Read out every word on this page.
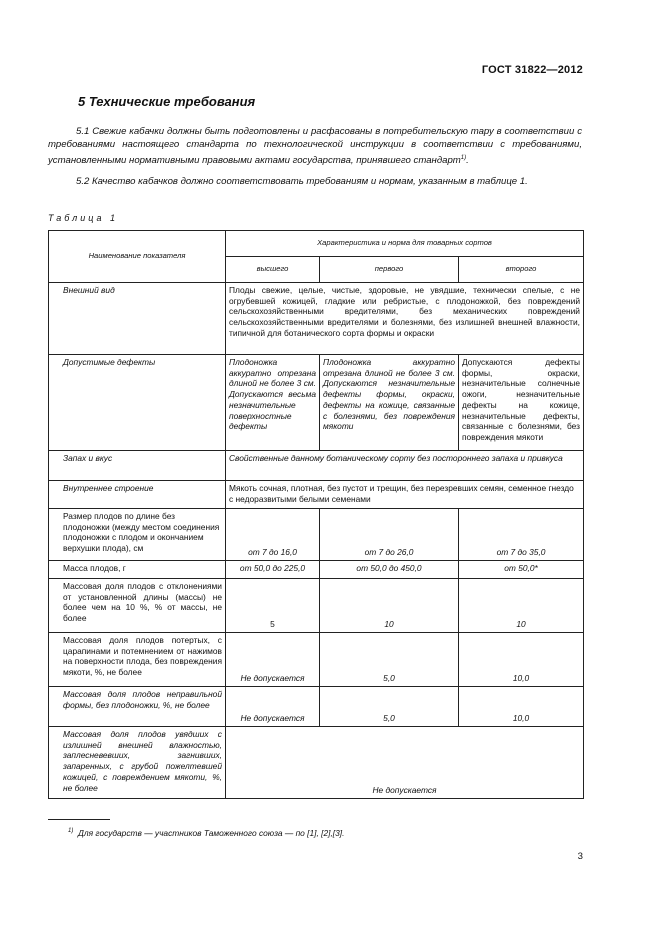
ГОСТ 31822—2012
5 Технические требования
5.1 Свежие кабачки должны быть подготовлены и расфасованы в потребительскую тару в соответствии с требованиями настоящего стандарта по технологической инструкции в соответствии с требованиями, установленными нормативными правовыми актами государства, принявшего стандарт$^{1)}$.
5.2 Качество кабачков должно соответствовать требованиям и нормам, указанным в таблице 1.
Таблица 1
Наименование показателя	Характеристика и норма для товарных сортов		
	высшего	первого	второго
Внешний вид	Плоды свежие, целые, чистые, здоровые, не увядшие, технически спелые, с не огрубевшей кожицей, гладкие или ребристые, с плодоножкой, без повреждений сельскохозяйственными вредителями, без механических повреждений сельскохозяйственными вредителями и болезнями, без излишней внешней влажности, типичной для ботанического сорта формы и окраски		
Допустимые дефекты	Плодоножка аккуратно отрезана длиной не более 3 см. Допускаются весьма незначительные поверхностные дефекты	Плодоножка аккуратно отрезана длиной не более 3 см. Допускаются незначительные дефекты формы, окраски, дефекты на кожице, связанные с болезнями, без повреждения мякоти	Допускаются дефекты формы, окраски, незначительные солнечные ожоги, незначительные дефекты на кожице, незначительные дефекты, связанные с болезнями, без повреждения мякоти
Запах и вкус	Свойственные данному ботаническому сорту без постороннего запаха и привкуса		
Внутреннее строение	Мякоть сочная, плотная, без пустот и трещин, без перезревших семян, семенное гнездо с недоразвитыми белыми семенами		
Размер плодов по длине без плодоножки (между местом соединения плодоножки с плодом и окончанием верхушки плода), см	от 7 до 16,0	от 7 до 26,0	от 7 до 35,0
Масса плодов, г	от 50,0 до 225,0	от 50,0 до 450,0	от 50,0*
Массовая доля плодов с отклонениями от установленной длины (массы) не более чем на 10 %, % от массы, не более	5	10	10
Массовая доля плодов потертых, с царапинами и потемнением от нажимов на поверхности плода, без повреждения мякоти, %, не более	Не допускается	5,0	10,0
Массовая доля плодов неправильной формы, без плодоножки, %, не более	Не допускается	5,0	10,0
Массовая доля плодов увядших с излишней внешней влажностью, заплесневевших, загнивших, запаренных, с грубой пожелтевшей кожицей, с повреждением мякоти, %, не более	Не допускается		
$^{1)}$ Для государств — участников Таможенного союза — по [1], [2],[3].
3
